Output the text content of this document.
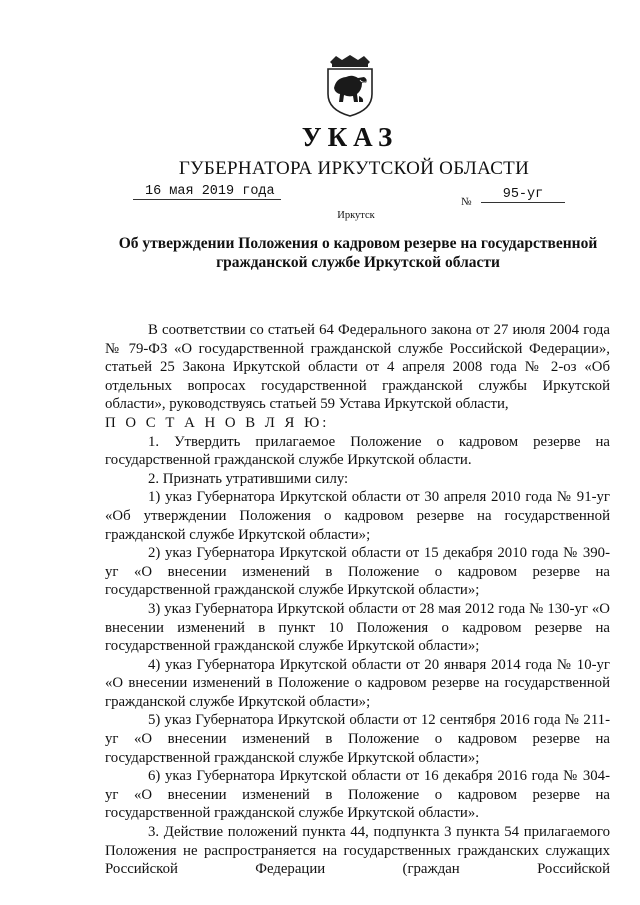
УКАЗ
ГУБЕРНАТОРА ИРКУТСКОЙ ОБЛАСТИ
16 мая 2019 года
№	95-уг
Иркутск
Об утверждении Положения о кадровом резерве на государственной гражданской службе Иркутской области

В соответствии со статьей 64 Федерального закона от 27 июля 2004 года № 79-ФЗ «О государственной гражданской службе Российской Федерации», статьей 25 Закона Иркутской области от 4 апреля 2008 года № 2-оз «Об отдельных вопросах государственной гражданской службы Иркутской области», руководствуясь статьей 59 Устава Иркутской области,

П О С Т А Н О В Л Я Ю:

1. Утвердить прилагаемое Положение о кадровом резерве на государственной гражданской службе Иркутской области.

2. Признать утратившими силу:

1) указ Губернатора Иркутской области от 30 апреля 2010 года № 91-уг «Об утверждении Положения о кадровом резерве на государственной гражданской службе Иркутской области»;

2) указ Губернатора Иркутской области от 15 декабря 2010 года № 390-уг «О внесении изменений в Положение о кадровом резерве на государственной гражданской службе Иркутской области»;

3) указ Губернатора Иркутской области от 28 мая 2012 года № 130-уг «О внесении изменений в пункт 10 Положения о кадровом резерве на государственной гражданской службе Иркутской области»;

4) указ Губернатора Иркутской области от 20 января 2014 года № 10-уг «О внесении изменений в Положение о кадровом резерве на государственной гражданской службе Иркутской области»;

5) указ Губернатора Иркутской области от 12 сентября 2016 года № 211-уг «О внесении изменений в Положение о кадровом резерве на государственной гражданской службе Иркутской области»;

6) указ Губернатора Иркутской области от 16 декабря 2016 года № 304-уг «О внесении изменений в Положение о кадровом резерве на государственной гражданской службе Иркутской области».

3. Действие положений пункта 44, подпункта 3 пункта 54 прилагаемого Положения не распространяется на государственных гражданских служащих Российской Федерации (граждан Российской
